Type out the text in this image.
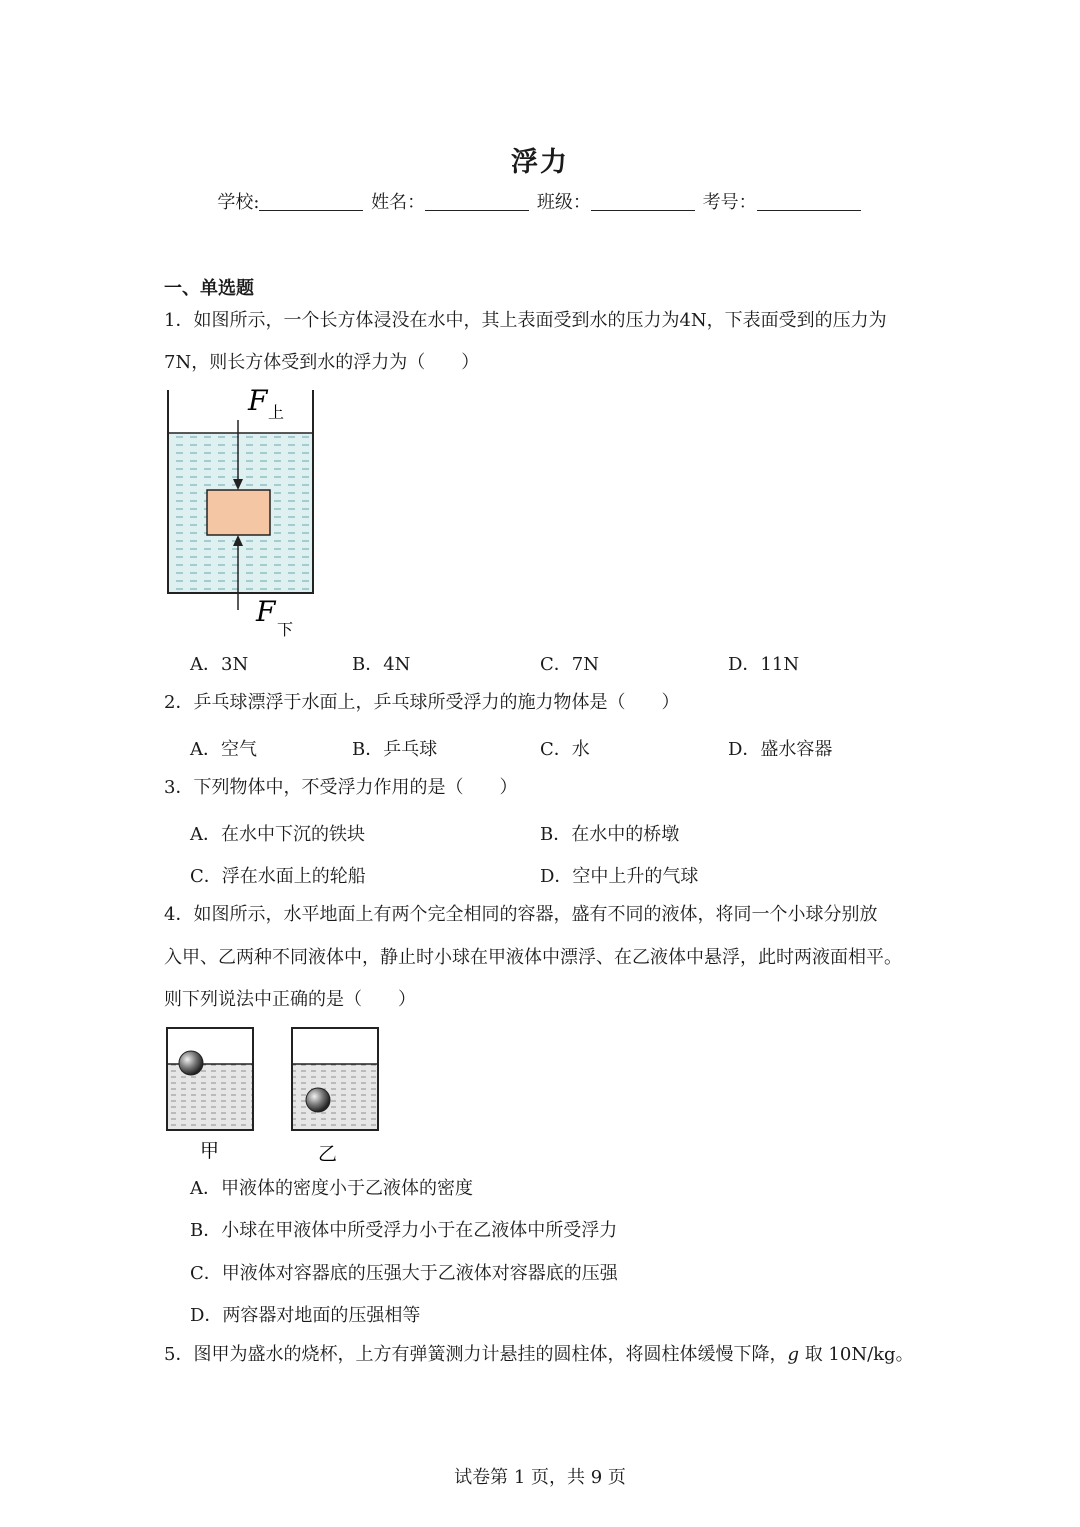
浮力
学校:	姓名：	班级：	考号：
一、单选题
1．如图所示，一个长方体浸没在水中，其上表面受到水的压力为4N，下表面受到的压力为
7N，则长方体受到水的浮力为（　　）
F 上
F
下
A．3N	B．4N	C．7N	D．11N
2．乒乓球漂浮于水面上，乒乓球所受浮力的施力物体是（　　）
A．空气	B．乒乓球	C．水	D．盛水容器
3．下列物体中，不受浮力作用的是（　　）
A．在水中下沉的铁块	B．在水中的桥墩
C．浮在水面上的轮船	D．空中上升的气球
4．如图所示，水平地面上有两个完全相同的容器，盛有不同的液体，将同一个小球分别放
入甲、乙两种不同液体中，静止时小球在甲液体中漂浮、在乙液体中悬浮，此时两液面相平。
则下列说法中正确的是（　　）
甲	乙
A．甲液体的密度小于乙液体的密度
B．小球在甲液体中所受浮力小于在乙液体中所受浮力
C．甲液体对容器底的压强大于乙液体对容器底的压强
D．两容器对地面的压强相等
5．图甲为盛水的烧杯，上方有弹簧测力计悬挂的圆柱体，将圆柱体缓慢下降，g 取 10N/kg。
试卷第 1 页，共 9 页
